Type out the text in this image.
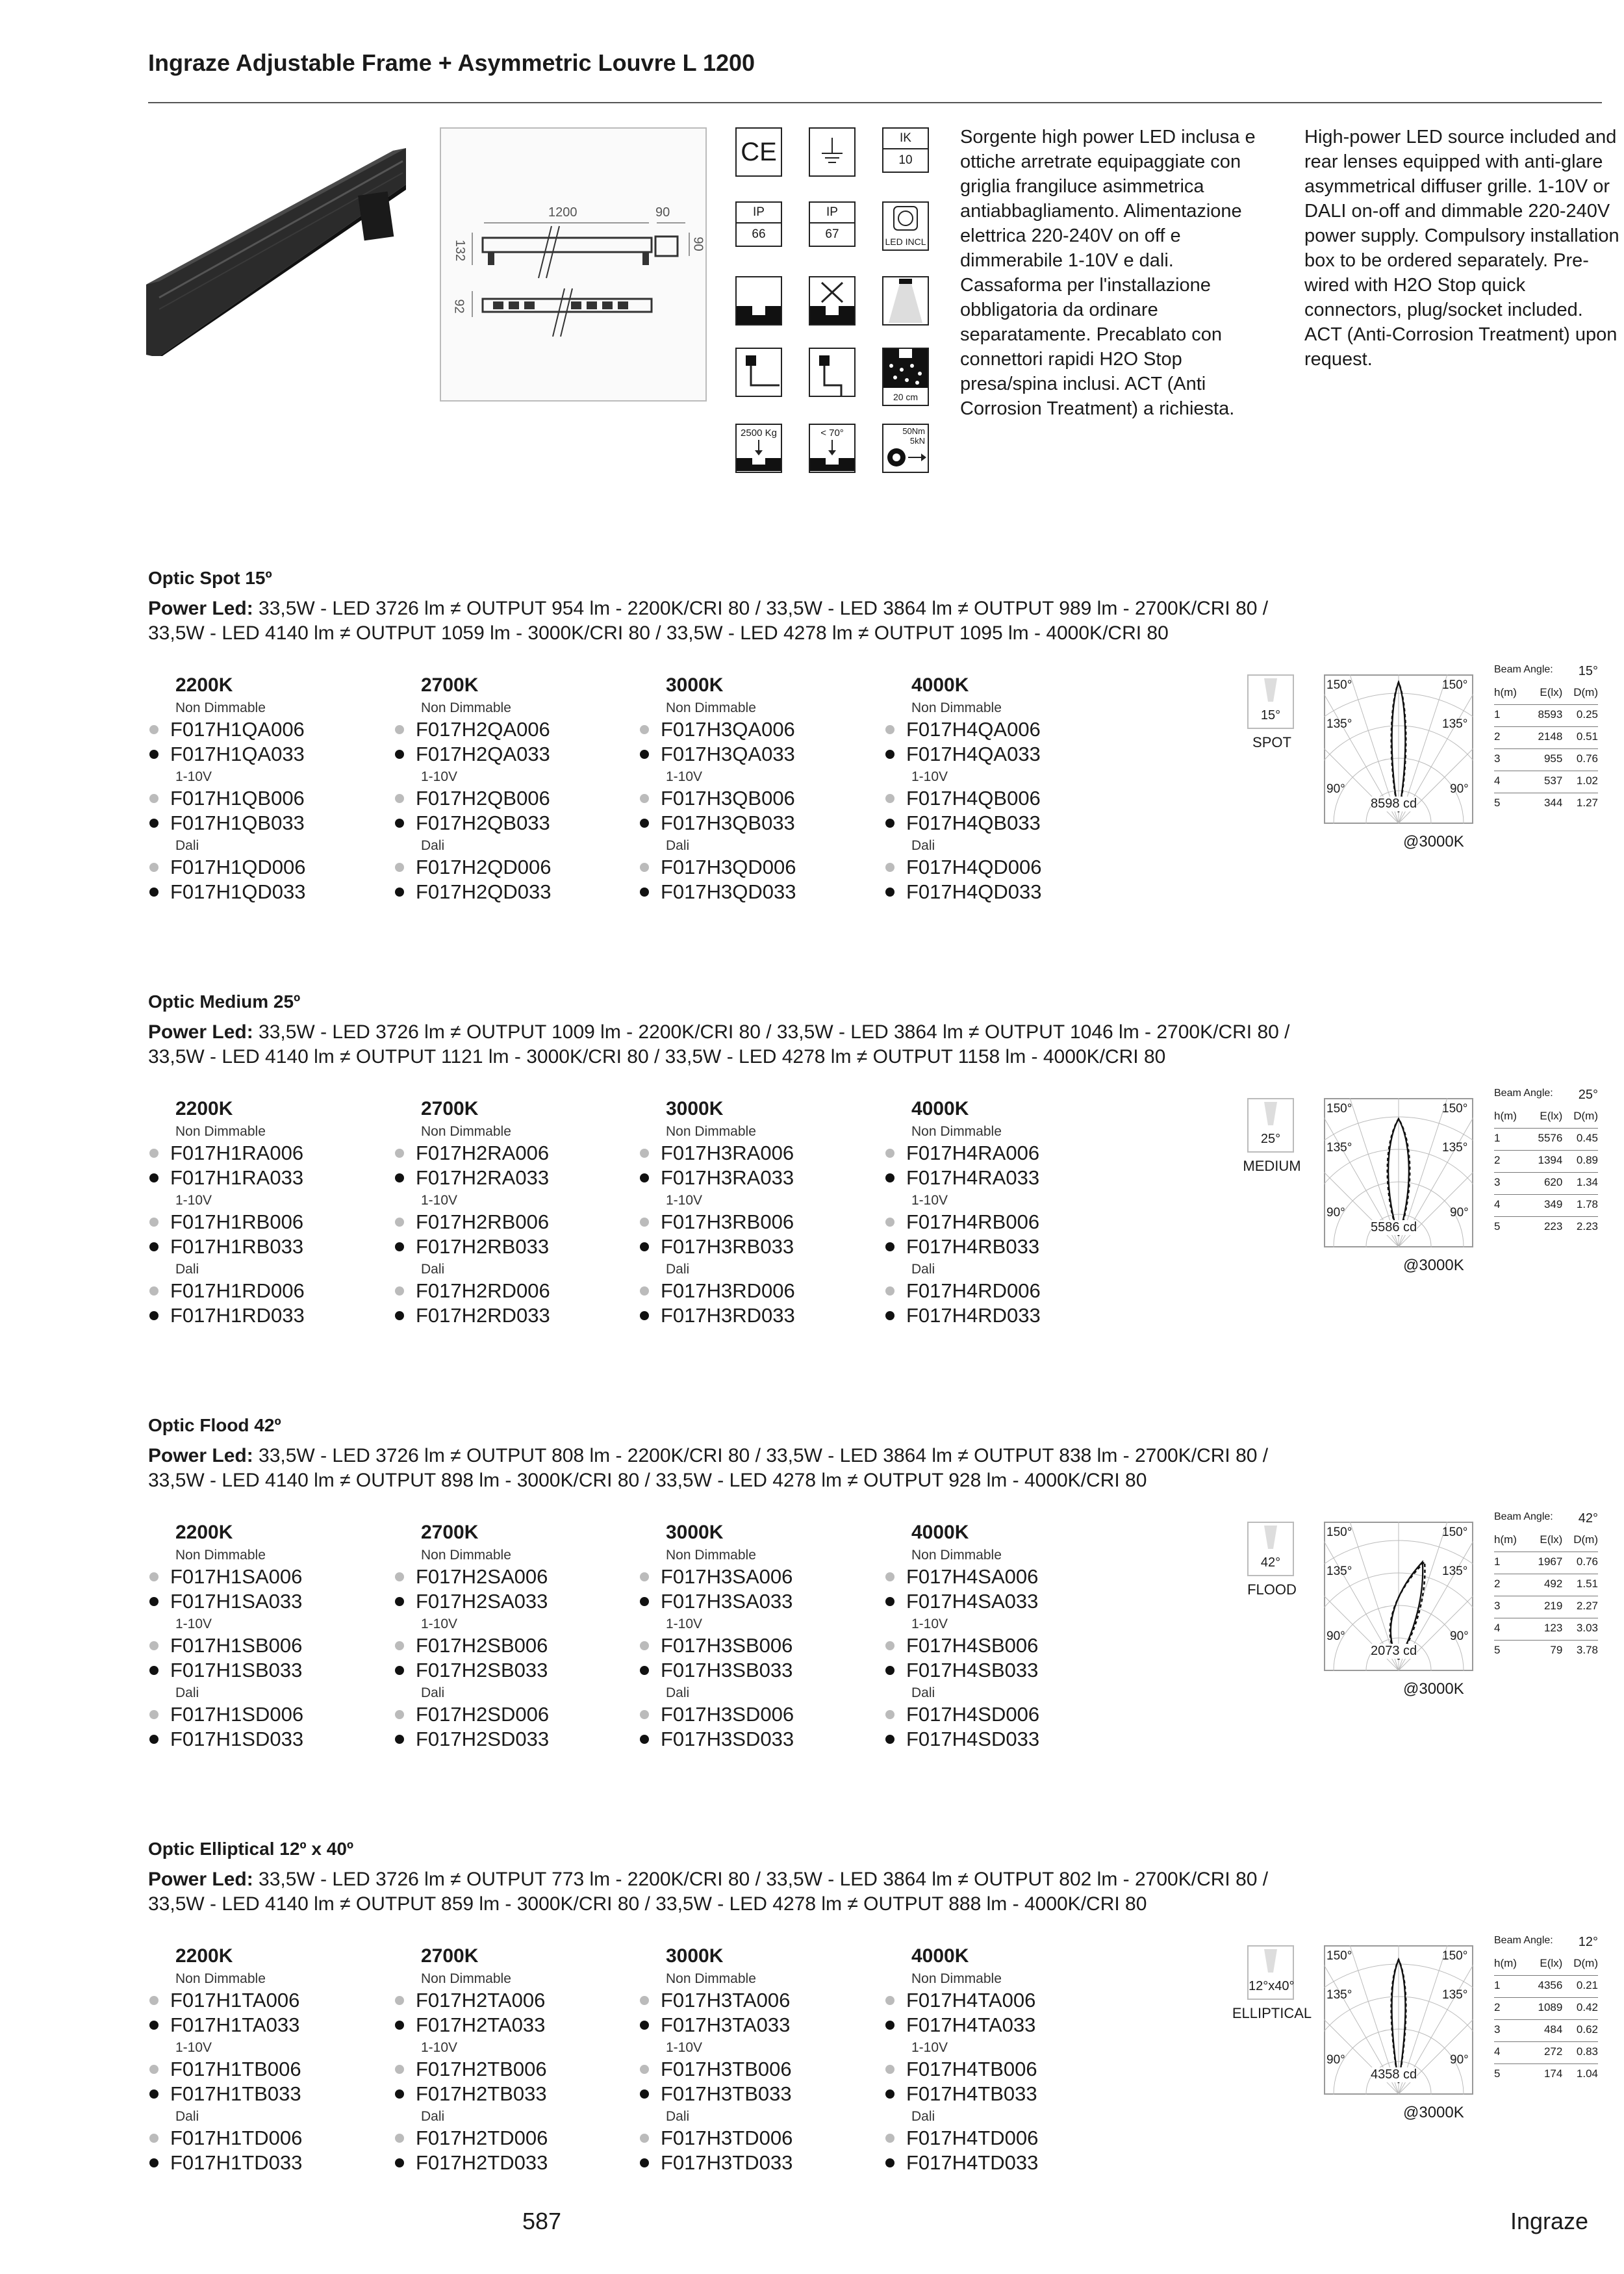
Ingraze Adjustable Frame + Asymmetric Louvre L 1200
1200	90
132	90
92
CE	IK
10
IP
66
IP
67
LED INCL
20 cm
2500 Kg	< 70°	50Nm
5kN
Sorgente high power LED inclusa e ottiche arretrate equipaggiate con griglia frangiluce asimmetrica antiabbagliamento. Alimentazione elettrica 220-240V on off e dimmerabile 1-10V e dali. Cassaforma per l'installazione obbligatoria da ordinare separatamente. Precablato con connettori rapidi H2O Stop presa/spina inclusi. ACT (Anti Corrosion Treatment) a richiesta.
High-power LED source included and rear lenses equipped with anti-glare asymmetrical diffuser grille. 1-10V or DALI on-off and dimmable 220-240V power supply. Compulsory installation box to be ordered separately. Pre-wired with H2O Stop quick connectors, plug/socket included. ACT (Anti-Corrosion Treatment) upon request.
Optic Spot 15º
Power Led: 33,5W - LED 3726 lm ≠ OUTPUT 954 lm - 2200K/CRI 80 / 33,5W - LED 3864 lm ≠ OUTPUT 989 lm - 2700K/CRI 80 /
33,5W - LED 4140 lm ≠ OUTPUT 1059 lm - 3000K/CRI 80 / 33,5W - LED 4278 lm ≠ OUTPUT 1095 lm - 4000K/CRI 80
2200K
Non Dimmable
F017H1QA006
F017H1QA033
1-10V
F017H1QB006
F017H1QB033
Dali
F017H1QD006
F017H1QD033
2700K
Non Dimmable
F017H2QA006
F017H2QA033
1-10V
F017H2QB006
F017H2QB033
Dali
F017H2QD006
F017H2QD033
3000K
Non Dimmable
F017H3QA006
F017H3QA033
1-10V
F017H3QB006
F017H3QB033
Dali
F017H3QD006
F017H3QD033
4000K
Non Dimmable
F017H4QA006
F017H4QA033
1-10V
F017H4QB006
F017H4QB033
Dali
F017H4QD006
F017H4QD033
15°
SPOT
150°	150°
135°	135°
90°	90°
8598 cd
@3000K
Beam Angle: 15°
h(m)	E(lx)	D(m)
1	8593	0.25
2	2148	0.51
3	955	0.76
4	537	1.02
5	344	1.27
Optic Medium 25º
Power Led: 33,5W - LED 3726 lm ≠ OUTPUT 1009 lm - 2200K/CRI 80 / 33,5W - LED 3864 lm ≠ OUTPUT 1046 lm - 2700K/CRI 80 /
33,5W - LED 4140 lm ≠ OUTPUT 1121 lm - 3000K/CRI 80 / 33,5W - LED 4278 lm ≠ OUTPUT 1158 lm - 4000K/CRI 80
2200K
Non Dimmable
F017H1RA006
F017H1RA033
1-10V
F017H1RB006
F017H1RB033
Dali
F017H1RD006
F017H1RD033
2700K
Non Dimmable
F017H2RA006
F017H2RA033
1-10V
F017H2RB006
F017H2RB033
Dali
F017H2RD006
F017H2RD033
3000K
Non Dimmable
F017H3RA006
F017H3RA033
1-10V
F017H3RB006
F017H3RB033
Dali
F017H3RD006
F017H3RD033
4000K
Non Dimmable
F017H4RA006
F017H4RA033
1-10V
F017H4RB006
F017H4RB033
Dali
F017H4RD006
F017H4RD033
25°
MEDIUM
150°	150°
135°	135°
90°	90°
5586 cd
@3000K
Beam Angle: 25°
h(m)	E(lx)	D(m)
1	5576	0.45
2	1394	0.89
3	620	1.34
4	349	1.78
5	223	2.23
Optic Flood 42º
Power Led: 33,5W - LED 3726 lm ≠ OUTPUT 808 lm - 2200K/CRI 80 / 33,5W - LED 3864 lm ≠ OUTPUT 838 lm - 2700K/CRI 80 /
33,5W - LED 4140 lm ≠ OUTPUT 898 lm - 3000K/CRI 80 / 33,5W - LED 4278 lm ≠ OUTPUT 928 lm - 4000K/CRI 80
2200K
Non Dimmable
F017H1SA006
F017H1SA033
1-10V
F017H1SB006
F017H1SB033
Dali
F017H1SD006
F017H1SD033
2700K
Non Dimmable
F017H2SA006
F017H2SA033
1-10V
F017H2SB006
F017H2SB033
Dali
F017H2SD006
F017H2SD033
3000K
Non Dimmable
F017H3SA006
F017H3SA033
1-10V
F017H3SB006
F017H3SB033
Dali
F017H3SD006
F017H3SD033
4000K
Non Dimmable
F017H4SA006
F017H4SA033
1-10V
F017H4SB006
F017H4SB033
Dali
F017H4SD006
F017H4SD033
42°
FLOOD
150°	150°
135°	135°
90°	90°
2073 cd
@3000K
Beam Angle: 42°
h(m)	E(lx)	D(m)
1	1967	0.76
2	492	1.51
3	219	2.27
4	123	3.03
5	79	3.78
Optic Elliptical 12º x 40º
Power Led: 33,5W - LED 3726 lm ≠ OUTPUT 773 lm - 2200K/CRI 80 / 33,5W - LED 3864 lm ≠ OUTPUT 802 lm - 2700K/CRI 80 /
33,5W - LED 4140 lm ≠ OUTPUT 859 lm - 3000K/CRI 80 / 33,5W - LED 4278 lm ≠ OUTPUT 888 lm - 4000K/CRI 80
2200K
Non Dimmable
F017H1TA006
F017H1TA033
1-10V
F017H1TB006
F017H1TB033
Dali
F017H1TD006
F017H1TD033
2700K
Non Dimmable
F017H2TA006
F017H2TA033
1-10V
F017H2TB006
F017H2TB033
Dali
F017H2TD006
F017H2TD033
3000K
Non Dimmable
F017H3TA006
F017H3TA033
1-10V
F017H3TB006
F017H3TB033
Dali
F017H3TD006
F017H3TD033
4000K
Non Dimmable
F017H4TA006
F017H4TA033
1-10V
F017H4TB006
F017H4TB033
Dali
F017H4TD006
F017H4TD033
12°x40°
ELLIPTICAL
150°	150°
135°	135°
90°	90°
4358 cd
@3000K
Beam Angle: 12°
h(m)	E(lx)	D(m)
1	4356	0.21
2	1089	0.42
3	484	0.62
4	272	0.83
5	174	1.04
587	Ingraze
